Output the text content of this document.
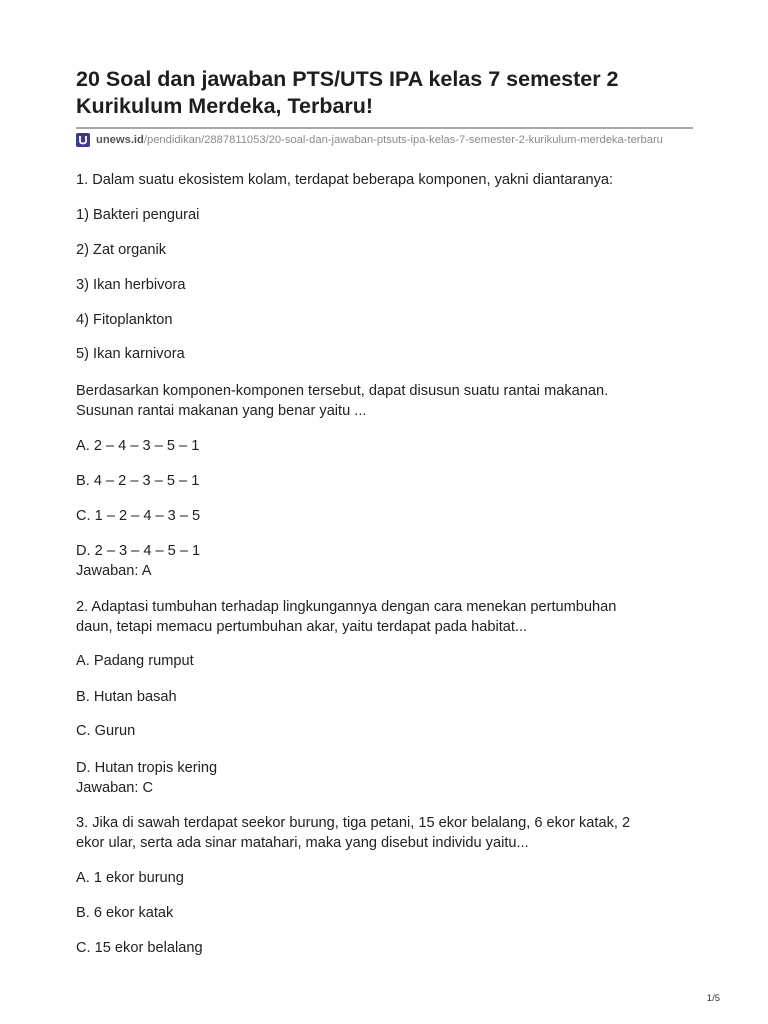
20 Soal dan jawaban PTS/UTS IPA kelas 7 semester 2
Kurikulum Merdeka, Terbaru!
unews.id /pendidikan/2887811053/20-soal-dan-jawaban-ptsuts-ipa-kelas-7-semester-2-kurikulum-merdeka-terbaru

1. Dalam suatu ekosistem kolam, terdapat beberapa komponen, yakni diantaranya:

1) Bakteri pengurai

2) Zat organik

3) Ikan herbivora

4) Fitoplankton

5) Ikan karnivora

Berdasarkan komponen-komponen tersebut, dapat disusun suatu rantai makanan.

Susunan rantai makanan yang benar yaitu ...

A. 2 – 4 – 3 – 5 – 1

B. 4 – 2 – 3 – 5 – 1

C. 1 – 2 – 4 – 3 – 5

D. 2 – 3 – 4 – 5 – 1

Jawaban: A

2. Adaptasi tumbuhan terhadap lingkungannya dengan cara menekan pertumbuhan

daun, tetapi memacu pertumbuhan akar, yaitu terdapat pada habitat...

A. Padang rumput

B. Hutan basah

C. Gurun

D. Hutan tropis kering

Jawaban: C

3. Jika di sawah terdapat seekor burung, tiga petani, 15 ekor belalang, 6 ekor katak, 2

ekor ular, serta ada sinar matahari, maka yang disebut individu yaitu...

A. 1 ekor burung

B. 6 ekor katak

C. 15 ekor belalang

1/5
